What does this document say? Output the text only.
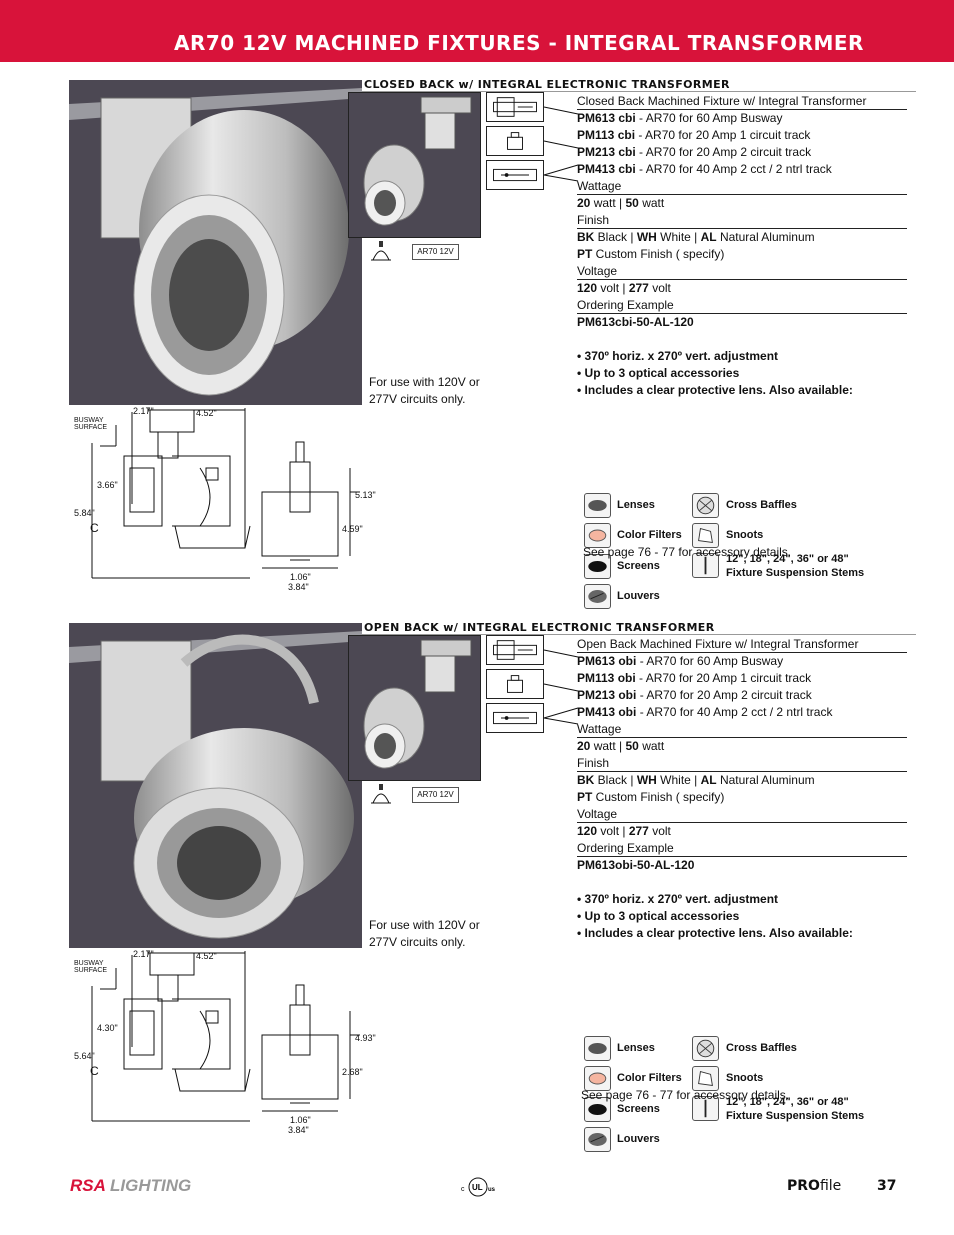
AR70 12V MACHINED FIXTURES - INTEGRAL TRANSFORMER
CLOSED BACK w/ INTEGRAL ELECTRONIC TRANSFORMER
AR70 12V
For use with 120V or 277V circuits only.
Closed Back Machined Fixture w/ Integral Transformer
PM613 cbi - AR70 for 60 Amp Busway
PM113 cbi - AR70 for 20 Amp 1 circuit track
PM213 cbi - AR70 for 20 Amp 2 circuit track
PM413 cbi - AR70 for 40 Amp 2 cct / 2 ntrl track
Wattage
20 watt | 50 watt
Finish
BK Black | WH White | AL Natural Aluminum
PT Custom Finish ( specify)
Voltage
120 volt | 277 volt
Ordering Example
PM613cbi-50-AL-120
• 370º horiz. x 270º vert. adjustment
• Up to 3 optical accessories
• Includes a clear protective lens. Also available:
Lenses
Color Filters
Screens
Louvers
Cross Baffles
Snoots
12", 18", 24", 36" or 48"
Fixture Suspension Stems
See page 76 - 77 for accessory details.
BUSWAY
SURFACE
2.17"	4.52"
3.66"
5.84"
C
5.13"
4.59"
1.06"
3.84"
OPEN BACK w/ INTEGRAL ELECTRONIC TRANSFORMER
AR70 12V
For use with 120V or 277V circuits only.
Open Back Machined Fixture w/ Integral Transformer
PM613 obi - AR70 for 60 Amp Busway
PM113 obi - AR70 for 20 Amp 1 circuit track
PM213 obi - AR70 for 20 Amp 2 circuit track
PM413 obi - AR70 for 40 Amp 2 cct / 2 ntrl track
Wattage
20 watt | 50 watt
Finish
BK Black | WH White | AL Natural Aluminum
PT Custom Finish ( specify)
Voltage
120 volt | 277 volt
Ordering Example
PM613obi-50-AL-120
• 370º horiz. x 270º vert. adjustment
• Up to 3 optical accessories
• Includes a clear protective lens. Also available:
Lenses
Color Filters
Screens
Louvers
Cross Baffles
Snoots
12", 18", 24", 36" or 48"
Fixture Suspension Stems
See page 76 - 77 for accessory details.
BUSWAY
SURFACE
2.17"	4.52"
4.30"
5.64"
C
4.93"
2.68"
1.06"
3.84"
RSA LIGHTING	c UL us	PROfile	37
